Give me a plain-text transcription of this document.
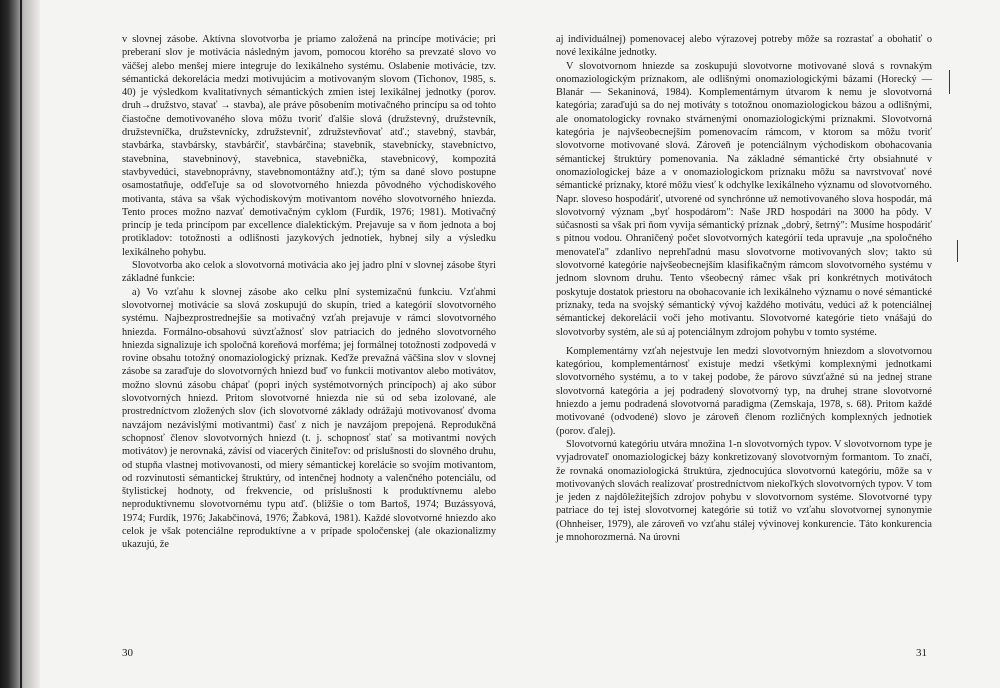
v slovnej zásobe. Aktívna slovotvorba je priamo založená na princípe motivácie; pri preberaní slov je motivácia následným javom, pomocou ktorého sa prevzaté slovo vo väčšej alebo menšej miere integruje do lexikálneho systému. Oslabenie motivácie, tzv. sémantická dekorelácia medzi motivujúcim a motivovaným slovom (Tichonov, 1985, s. 40) je výsledkom kvalitatívnych sémantických zmien istej lexikálnej jednotky (porov. druh→družstvo, stavať → stavba), ale práve pôsobením motivačného princípu sa od tohto čiastočne demotivovaného slova môžu tvoriť ďalšie slová (družstevný, družstevník, družstevníčka, družstevnícky, združstevniť, združstevňovať atď.; stavebný, stavbár, stavbárka, stavbársky, stavbárčiť, stavbárčina; stavebník, stavebnícky, stavebníctvo, stavebnina, stavebninový, stavebnica, stavebnička, stavebnicový, kompozitá stavbyvedúci, stavebnoprávny, stavebnomontážny atď.); tým sa dané slovo postupne osamostatňuje, odďeľuje sa od slovotvorného hniezda pôvodného východiskového motivanta, stáva sa však východiskovým motivantom nového slovotvorného hniezda. Tento proces možno nazvať demotivačným cyklom (Furdík, 1976; 1981). Motivačný princíp je teda princípom par excellence dialektickým. Prejavuje sa v ňom jednota a boj protikladov: totožnosti a odlišnosti jazykových jednotiek, hybnej sily a výsledku lexikálneho pohybu.

Slovotvorba ako celok a slovotvorná motivácia ako jej jadro plní v slovnej zásobe štyri základné funkcie:

a) Vo vzťahu k slovnej zásobe ako celku plní systemizačnú funkciu. Vzťahmi slovotvornej motivácie sa slová zoskupujú do skupín, tried a kategórií slovotvorného systému. Najbezprostrednejšie sa motivačný vzťah prejavuje v rámci slovotvorného hniezda. Formálno-obsahovú súvzťažnosť slov patriacich do jedného slovotvorného hniezda signalizuje ich spoločná koreňová morféma; jej formálnej totožnosti zodpovedá v rovine obsahu totožný onomaziologický príznak. Keďže prevažná väčšina slov v slovnej zásobe sa zaraďuje do slovotvorných hniezd buď vo funkcii motivantov alebo motivátov, možno slovnú zásobu chápať (popri iných systémotvorných princípoch) aj ako súbor slovotvorných hniezd. Pritom slovotvorné hniezda nie sú od seba izolované, ale prostredníctvom zložených slov (ich slovotvorné základy odrážajú motivovanosť dvoma navzájom nezávislými motivantmi) časť z nich je navzájom prepojená. Reprodukčná schopnosť členov slovotvorných hniezd (t. j. schopnosť stať sa motivantmi nových motivátov) je nerovnaká, závisí od viacerých činiteľov: od príslušnosti do slovného druhu, od stupňa vlastnej motivovanosti, od miery sémantickej korelácie so svojím motivantom, od rozvinutosti sémantickej štruktúry, od intenčnej hodnoty a valenčného potenciálu, od štylistickej hodnoty, od frekvencie, od príslušnosti k produktívnemu alebo neproduktívnemu slovotvornému typu atď. (bližšie o tom Bartoš, 1974; Buzássyová, 1974; Furdík, 1976; Jakabčinová, 1976; Žabková, 1981). Každé slovotvorné hniezdo ako celok je však potenciálne reproduktívne a v prípade spoločenskej (ale okazionalizmy ukazujú, že

30

aj individuálnej) pomenovacej alebo výrazovej potreby môže sa rozrastať a obohatiť o nové lexikálne jednotky.

V slovotvornom hniezde sa zoskupujú slovotvorne motivované slová s rovnakým onomaziologickým príznakom, ale odlišnými onomaziologickými bázami (Horecký — Blanár — Sekaninová, 1984). Komplementárnym útvarom k nemu je slovotvorná kategória; zaraďujú sa do nej motiváty s totožnou onomaziologickou bázou a odlišnými, ale onomatologicky rovnako stvárnenými onomaziologickými príznakmi. Slovotvorná kategória je najvšeobecnejším pomenovacím rámcom, v ktorom sa môžu tvoriť slovotvorne motivované slová. Zároveň je potenciálnym východiskom obohacovania sémantickej štruktúry pomenovania. Na základné sémantické črty obsiahnuté v onomaziologickej báze a v onomaziologickom príznaku môžu sa navrstvovať nové sémantické príznaky, ktoré môžu viesť k odchylke lexikálneho významu od slovotvorného. Napr. sloveso hospodáriť, utvorené od synchrónne už nemotivovaného slova hospodár, má slovotvorný význam „byť hospodárom": Naše JRD hospodári na 3000 ha pôdy. V súčasnosti sa však pri ňom vyvija sémantický príznak „dobrý, šetrný": Musíme hospodáriť s pitnou vodou. Ohraničený počet slovotvorných kategórií teda upravuje „na spoločného menovateľa" zdanlivo neprehľadnú masu slovotvorne motivovaných slov; takto sú slovotvorné kategórie najvšeobecnejším klasifikačným rámcom slovotvorného systému v jednom slovnom druhu. Tento všeobecný rámec však pri konkrétnych motivátoch poskytuje dostatok priestoru na obohacovanie ich lexikálneho významu o nové sémantické príznaky, teda na svojský sémantický vývoj každého motivátu, vedúci až k potenciálnej sémantickej dekorelácii voči jeho motivantu. Slovotvorné kategórie tieto vnášajú do slovotvorby systém, ale sú aj potenciálnym zdrojom pohybu v tomto systéme.

Komplementárny vzťah nejestvuje len medzi slovotvorným hniezdom a slovotvornou kategóriou, komplementárnosť existuje medzi všetkými komplexnými jednotkami slovotvorného systému, a to v takej podobe, že párovo súvzťažné sú na jednej strane slovotvorná kategória a jej podradený slovotvorný typ, na druhej strane slovotvorné hniezdo a jemu podradená slovotvorná paradigma (Zemskaja, 1978, s. 68). Pritom každé motivované (odvodené) slovo je zároveň členom rozličných komplexných jednotiek (porov. ďalej).

Slovotvornú kategóriu utvára množina 1-n slovotvorných typov. V slovotvornom type je vyjadrovateľ onomaziologickej bázy konkretizovaný slovotvorným formantom. To značí, že rovnaká onomaziologická štruktúra, zjednocujúca slovotvornú kategóriu, môže sa v motivovaných slovách realizovať prostredníctvom niekoľkých slovotvorných typov. V tom je jeden z najdôležitejších zdrojov pohybu v slovotvornom systéme. Slovotvorné typy patriace do tej istej slovotvornej kategórie sú totiž vo vzťahu slovotvornej synonymie (Ohnheiser, 1979), ale zároveň vo vzťahu stálej vývinovej konkurencie. Táto konkurencia je mnohorozmerná. Na úrovni

31
